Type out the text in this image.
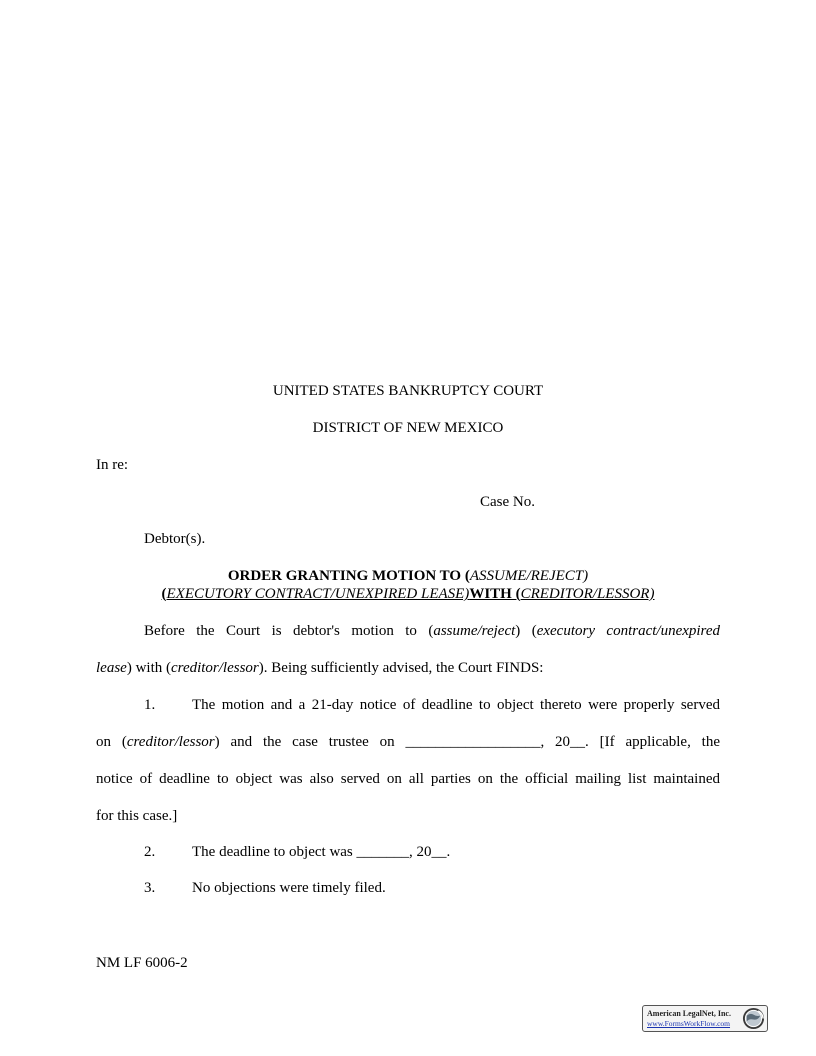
UNITED STATES BANKRUPTCY COURT
DISTRICT OF NEW MEXICO
In re:
Case No.
Debtor(s).
ORDER GRANTING MOTION TO (ASSUME/REJECT)
(EXECUTORY CONTRACT/UNEXPIRED LEASE)WITH (CREDITOR/LESSOR)
Before the Court is debtor's motion to (assume/reject) (executory contract/unexpired
lease) with (creditor/lessor). Being sufficiently advised, the Court FINDS:
1. The motion and a 21-day notice of deadline to object thereto were properly served
on (creditor/lessor) and the case trustee on __________________, 20__. [If applicable, the
notice of deadline to object was also served on all parties on the official mailing list maintained
for this case.]
2. The deadline to object was _______, 20__.
3. No objections were timely filed.
NM LF 6006-2
American LegalNet, Inc.
www.FormsWorkFlow.com
